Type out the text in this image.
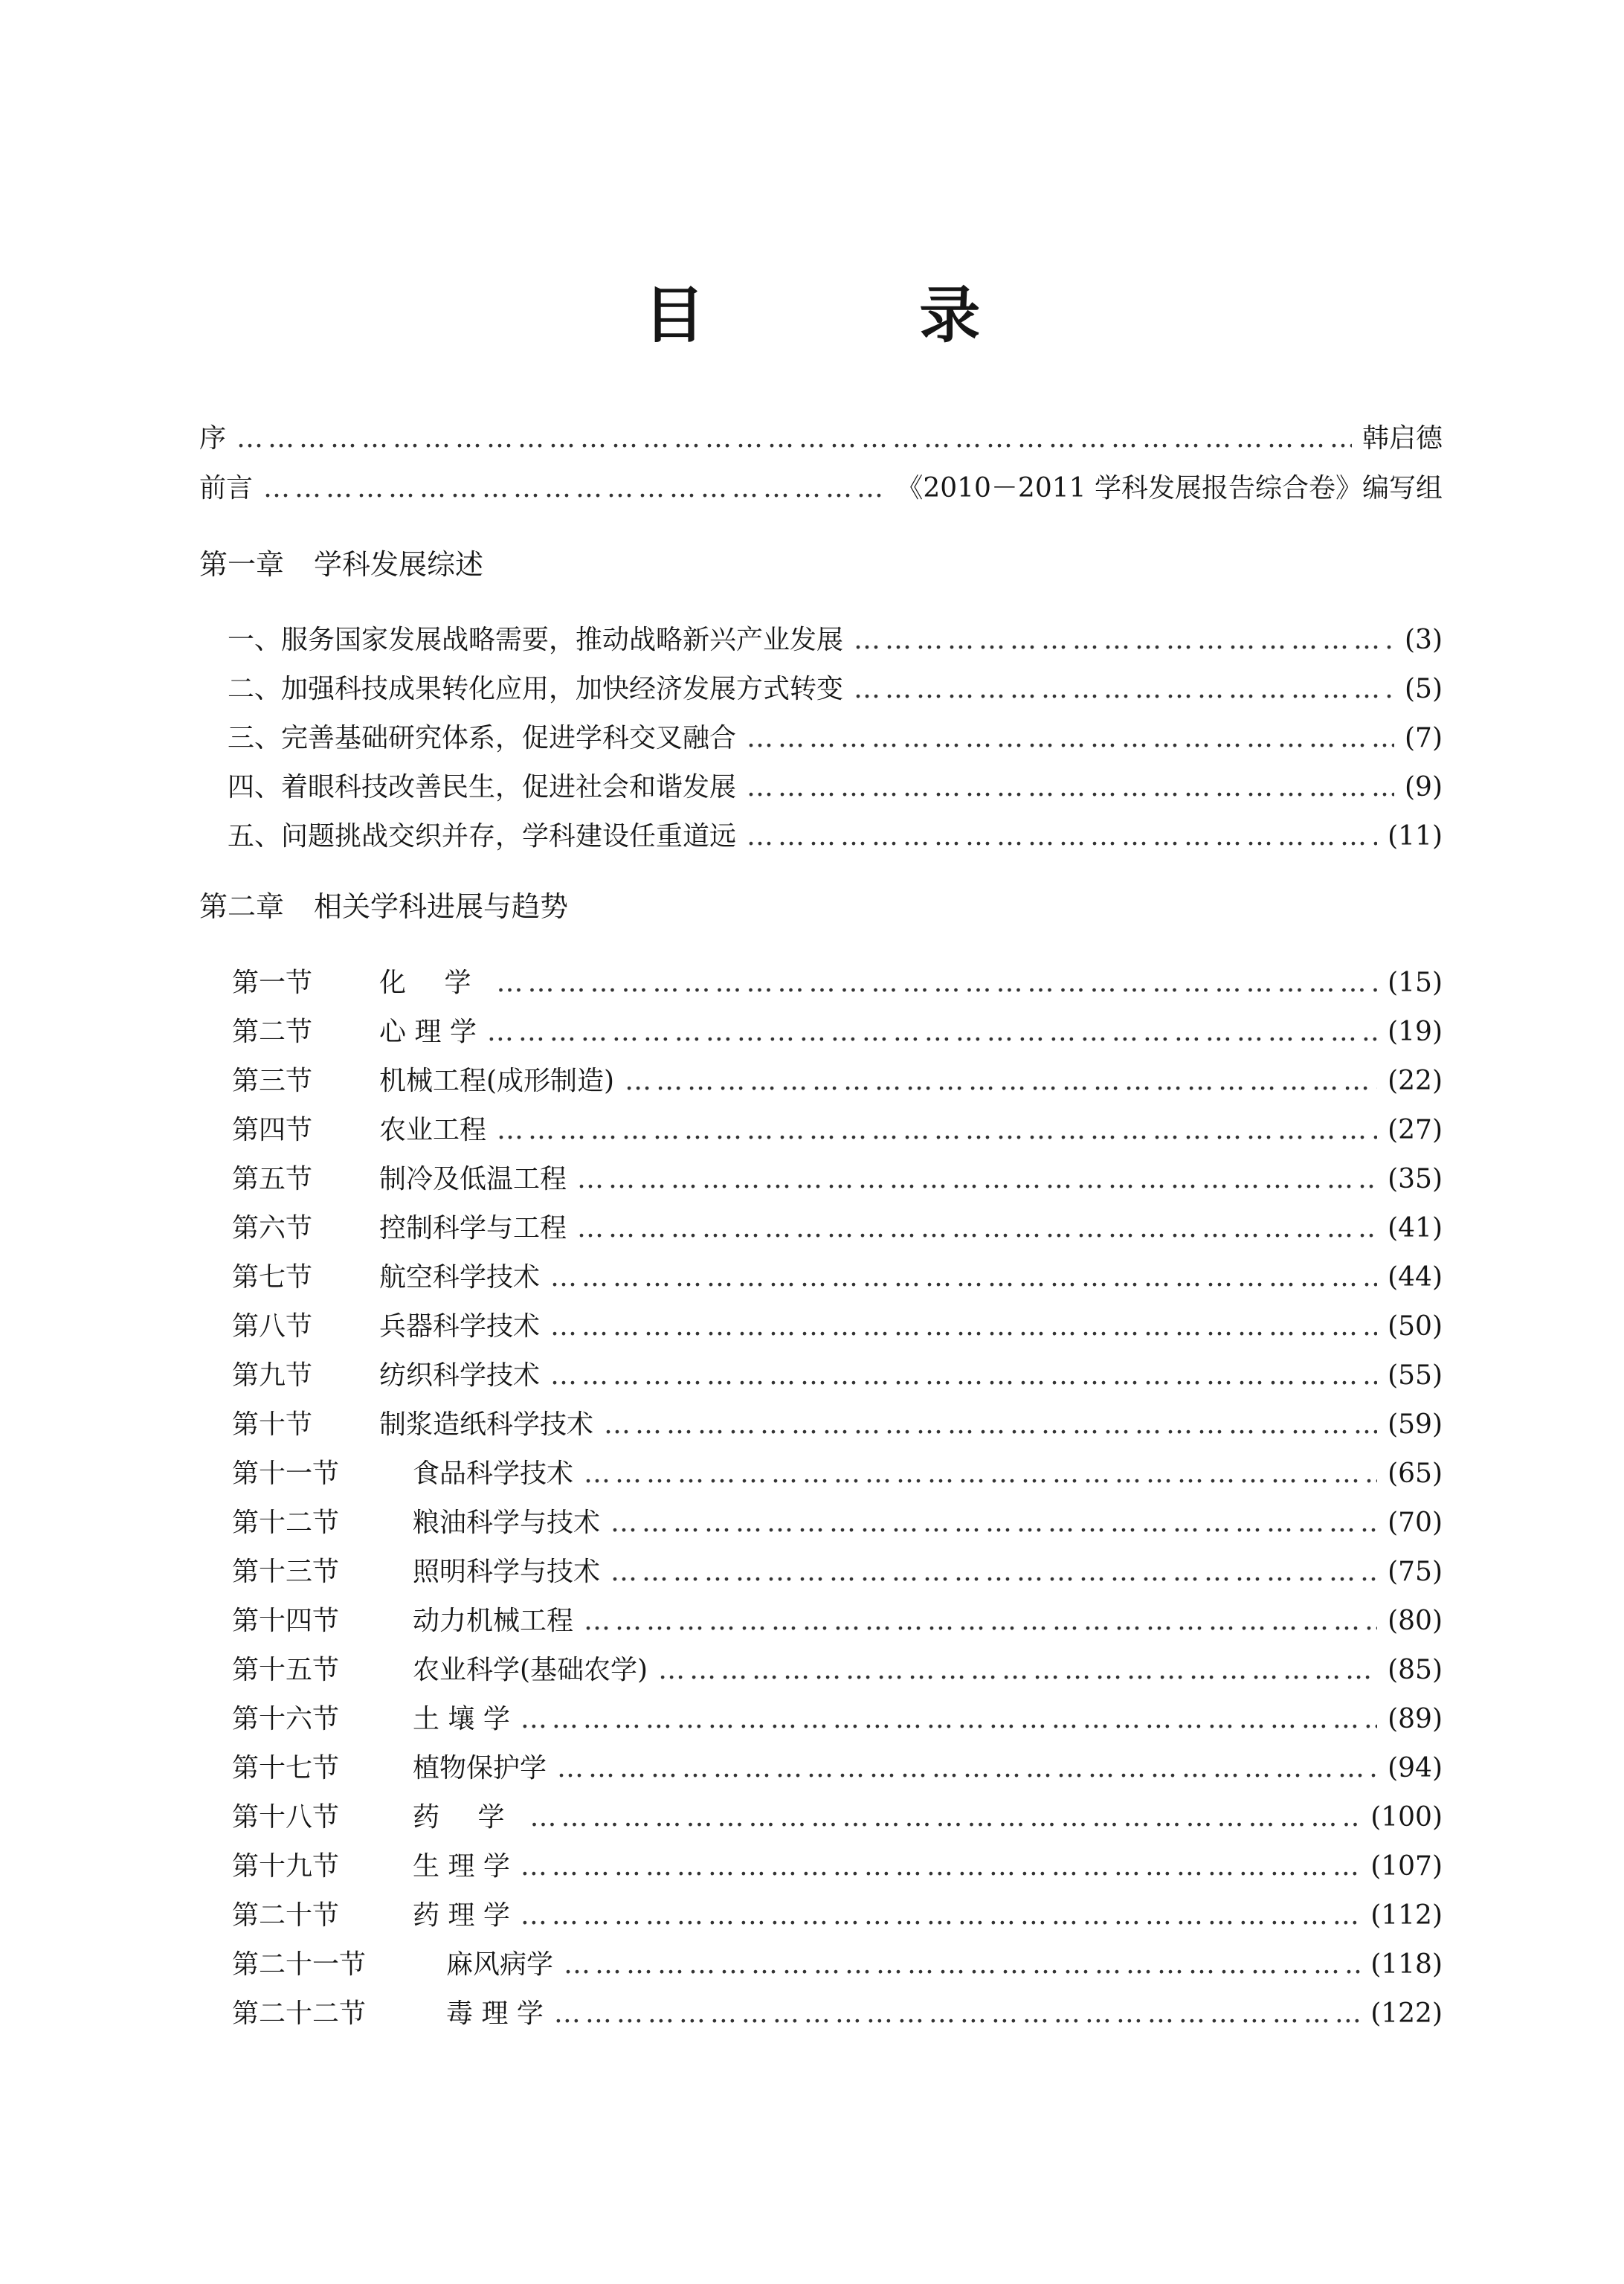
目 录
序 …………………………………………………………………………………………………………………………………………………………………………………………………………………………	韩启德
前言 …………………………………………………………………………………………………………………………………………………………………………………………………………………………	《2010－2011 学科发展报告综合卷》编写组
第一章 学科发展综述
一、服务国家发展战略需要，推动战略新兴产业发展 …………………………………………………………………………………………………………………………………………………………………………………………………………………………	(3)
二、加强科技成果转化应用，加快经济发展方式转变 …………………………………………………………………………………………………………………………………………………………………………………………………………………………	(5)
三、完善基础研究体系，促进学科交叉融合 …………………………………………………………………………………………………………………………………………………………………………………………………………………………	(7)
四、着眼科技改善民生，促进社会和谐发展 …………………………………………………………………………………………………………………………………………………………………………………………………………………………	(9)
五、问题挑战交织并存，学科建设任重道远 …………………………………………………………………………………………………………………………………………………………………………………………………………………………	(11)
第二章 相关学科进展与趋势
第一节	化 学 …………………………………………………………………………………………………………………………………………………………………………………………………………………………	(15)
第二节	心 理 学 …………………………………………………………………………………………………………………………………………………………………………………………………………………………	(19)
第三节	机械工程(成形制造) …………………………………………………………………………………………………………………………………………………………………………………………………………………………	(22)
第四节	农业工程 …………………………………………………………………………………………………………………………………………………………………………………………………………………………	(27)
第五节	制冷及低温工程 …………………………………………………………………………………………………………………………………………………………………………………………………………………………	(35)
第六节	控制科学与工程 …………………………………………………………………………………………………………………………………………………………………………………………………………………………	(41)
第七节	航空科学技术 …………………………………………………………………………………………………………………………………………………………………………………………………………………………	(44)
第八节	兵器科学技术 …………………………………………………………………………………………………………………………………………………………………………………………………………………………	(50)
第九节	纺织科学技术 …………………………………………………………………………………………………………………………………………………………………………………………………………………………	(55)
第十节	制浆造纸科学技术 …………………………………………………………………………………………………………………………………………………………………………………………………………………………	(59)
第十一节	食品科学技术 …………………………………………………………………………………………………………………………………………………………………………………………………………………………	(65)
第十二节	粮油科学与技术 …………………………………………………………………………………………………………………………………………………………………………………………………………………………	(70)
第十三节	照明科学与技术 …………………………………………………………………………………………………………………………………………………………………………………………………………………………	(75)
第十四节	动力机械工程 …………………………………………………………………………………………………………………………………………………………………………………………………………………………	(80)
第十五节	农业科学(基础农学) …………………………………………………………………………………………………………………………………………………………………………………………………………………………	(85)
第十六节	土 壤 学 …………………………………………………………………………………………………………………………………………………………………………………………………………………………	(89)
第十七节	植物保护学 …………………………………………………………………………………………………………………………………………………………………………………………………………………………	(94)
第十八节	药 学 …………………………………………………………………………………………………………………………………………………………………………………………………………………………	(100)
第十九节	生 理 学 …………………………………………………………………………………………………………………………………………………………………………………………………………………………	(107)
第二十节	药 理 学 …………………………………………………………………………………………………………………………………………………………………………………………………………………………	(112)
第二十一节	麻风病学 …………………………………………………………………………………………………………………………………………………………………………………………………………………………	(118)
第二十二节	毒 理 学 …………………………………………………………………………………………………………………………………………………………………………………………………………………………	(122)
